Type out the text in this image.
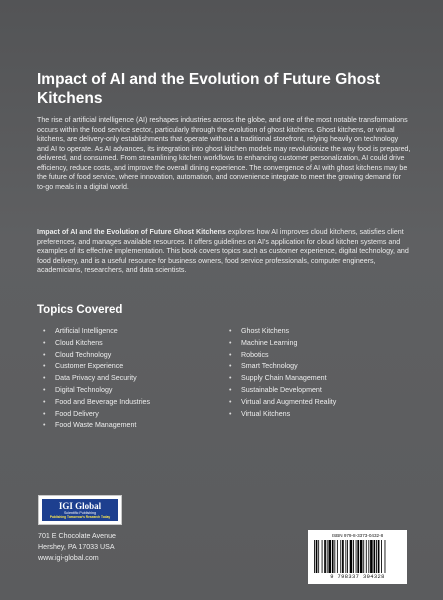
Impact of AI and the Evolution of Future Ghost Kitchens

The rise of artificial intelligence (AI) reshapes industries across the globe, and one of the most notable transformations occurs within the food service sector, particularly through the evolution of ghost kitchens. Ghost kitchens, or virtual kitchens, are delivery-only establishments that operate without a traditional storefront, relying heavily on technology and AI to operate. As AI advances, its integration into ghost kitchen models may revolutionize the way food is prepared, delivered, and consumed. From streamlining kitchen workflows to enhancing customer personalization, AI could drive efficiency, reduce costs, and improve the overall dining experience. The convergence of AI with ghost kitchens may be the future of food service, where innovation, automation, and convenience integrate to meet the growing demand for to-go meals in a digital world.

Impact of AI and the Evolution of Future Ghost Kitchens explores how AI improves cloud kitchens, satisfies client preferences, and manages available resources. It offers guidelines on AI's application for cloud kitchen systems and examples of its effective implementation. This book covers topics such as customer experience, digital technology, and food delivery, and is a useful resource for business owners, food service professionals, computer engineers, academicians, researchers, and data scientists.

Topics Covered
• Artificial Intelligence
• Cloud Kitchens
• Cloud Technology
• Customer Experience
• Data Privacy and Security
• Digital Technology
• Food and Beverage Industries
• Food Delivery
• Food Waste Management
• Ghost Kitchens
• Machine Learning
• Robotics
• Smart Technology
• Supply Chain Management
• Sustainable Development
• Virtual and Augmented Reality
• Virtual Kitchens
IGI Global
Scientific Publishing
Publishing Tomorrow's Research Today
701 E Chocolate Avenue
Hershey, PA 17033 USA
www.igi-global.com
ISBN 979-8-3373-0432-8
9 798337 304328
